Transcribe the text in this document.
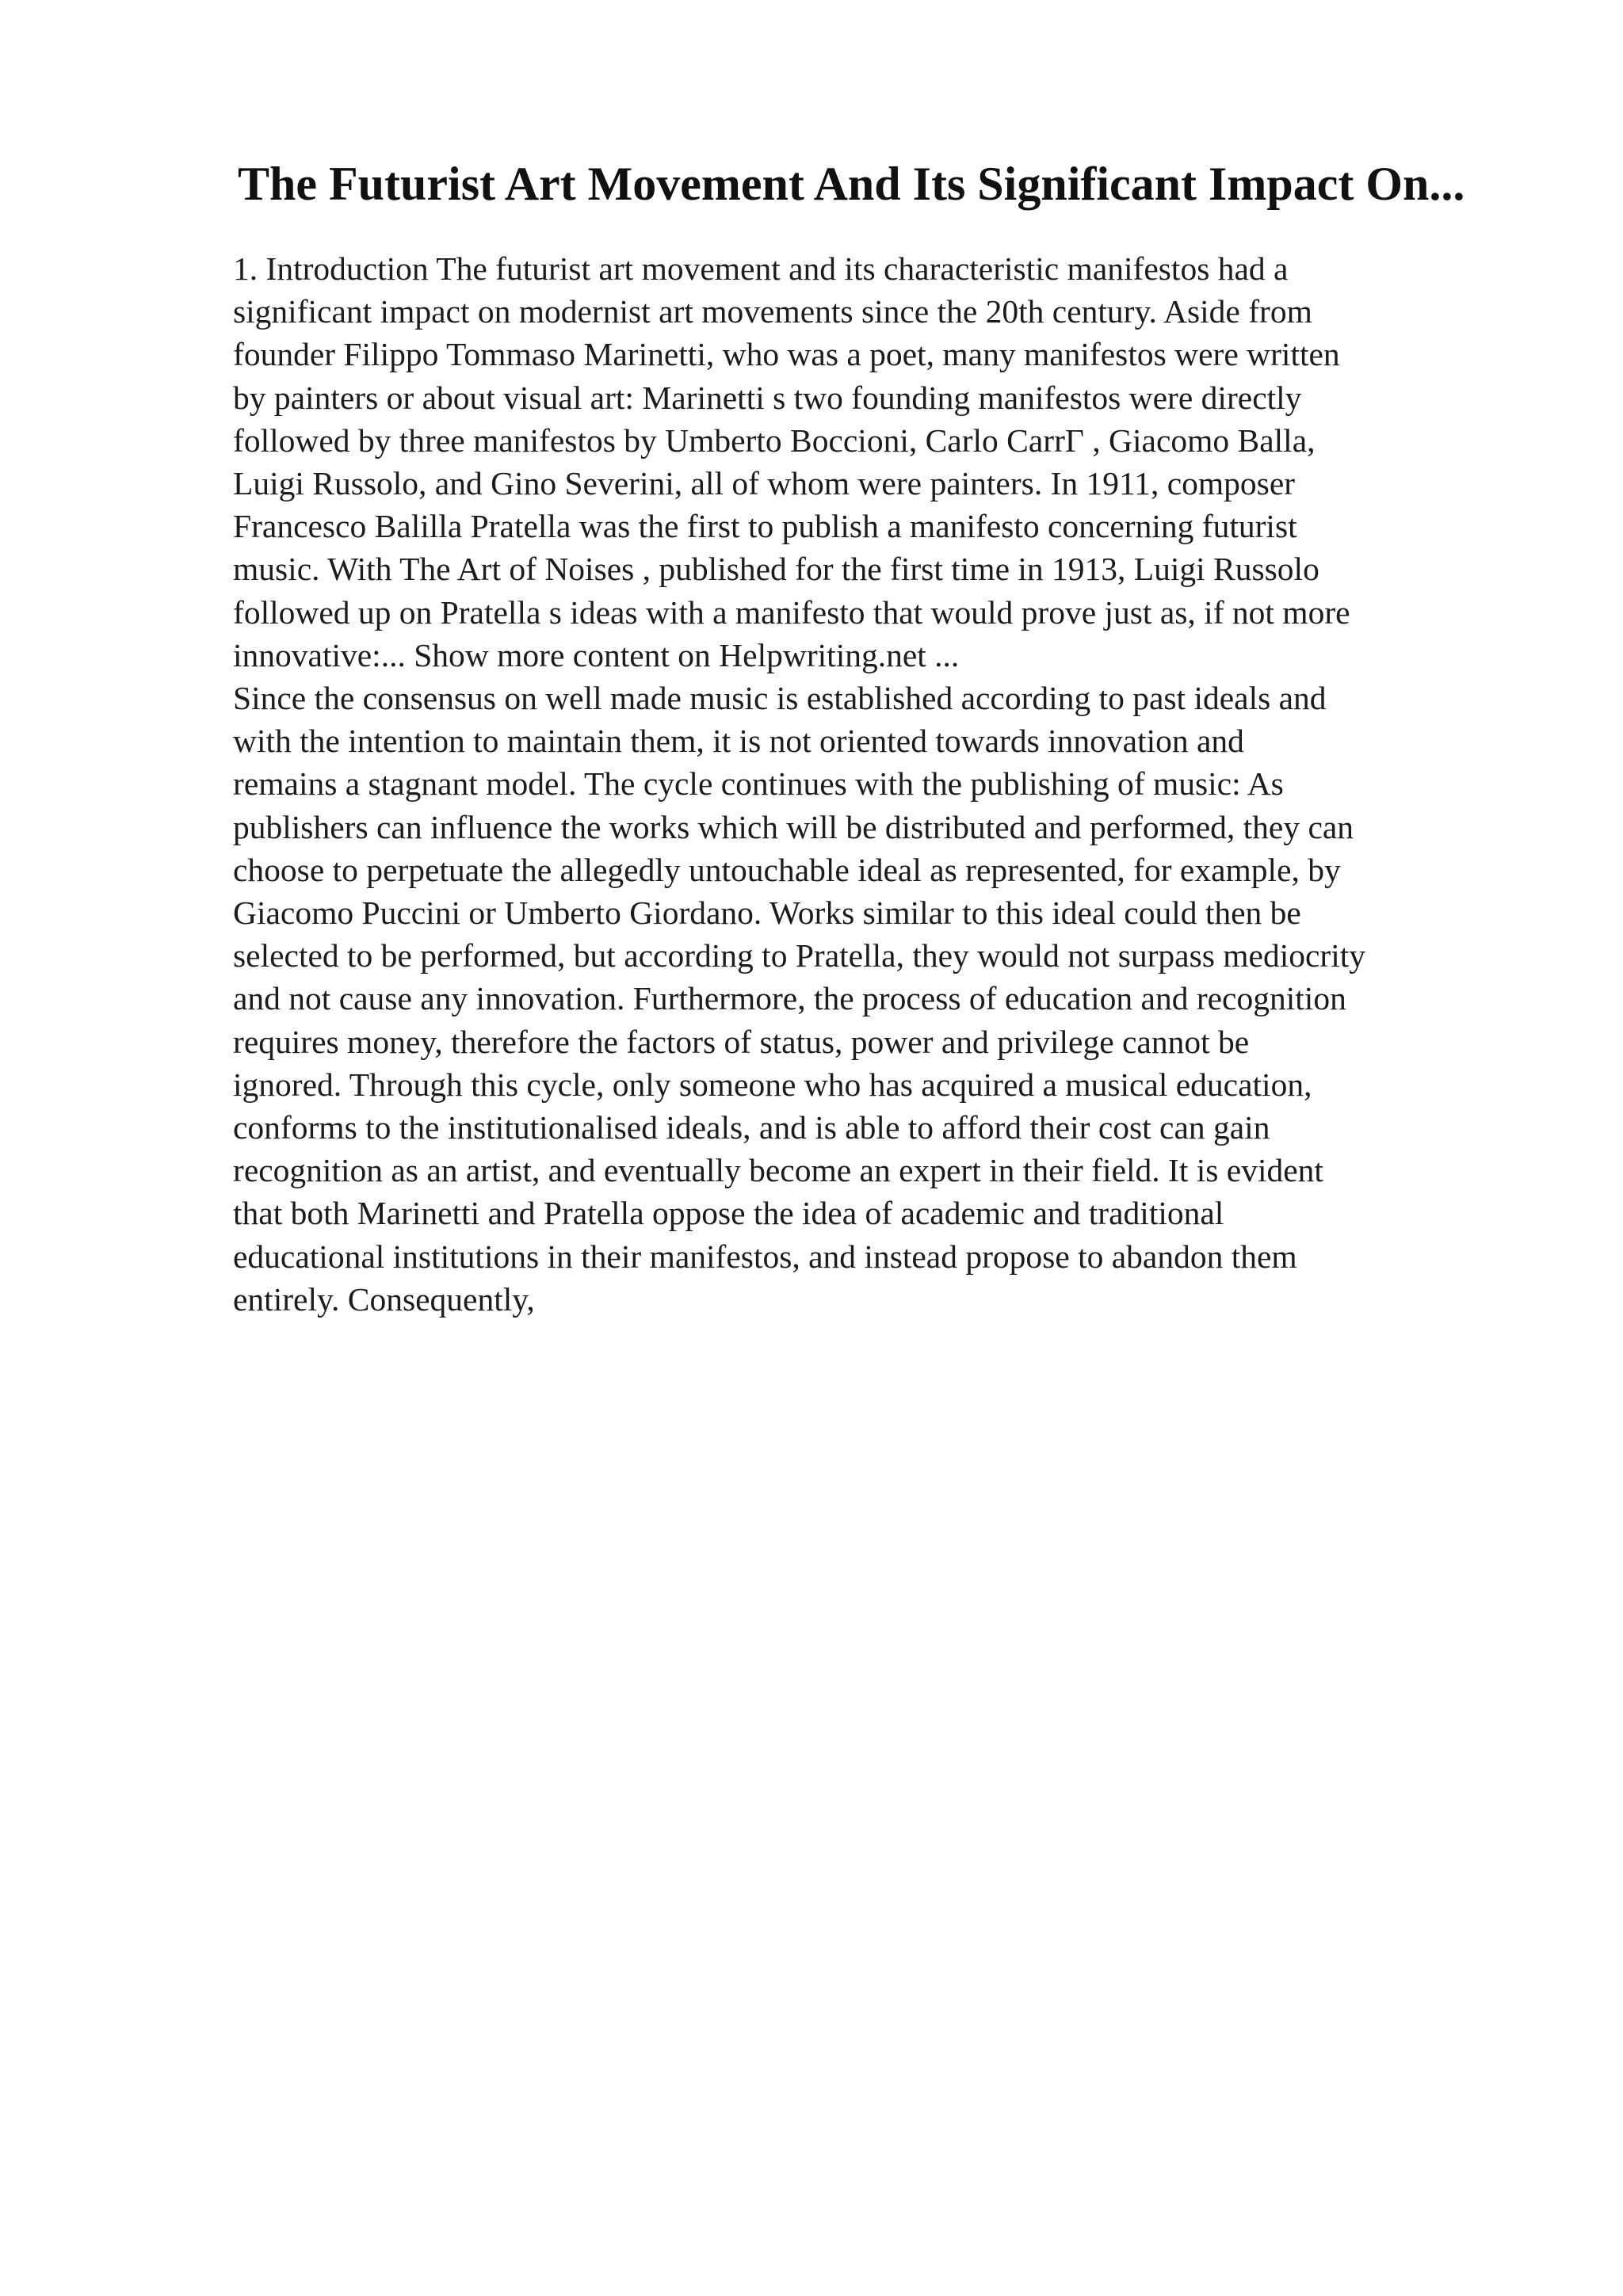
The Futurist Art Movement And Its Significant Impact On...
1. Introduction The futurist art movement and its characteristic manifestos had a
significant impact on modernist art movements since the 20th century. Aside from
founder Filippo Tommaso Marinetti, who was a poet, many manifestos were written
by painters or about visual art: Marinetti s two founding manifestos were directly
followed by three manifestos by Umberto Boccioni, Carlo CarrΓ , Giacomo Balla,
Luigi Russolo, and Gino Severini, all of whom were painters. In 1911, composer
Francesco Balilla Pratella was the first to publish a manifesto concerning futurist
music. With The Art of Noises , published for the first time in 1913, Luigi Russolo
followed up on Pratella s ideas with a manifesto that would prove just as, if not more
innovative:... Show more content on Helpwriting.net ...
Since the consensus on well made music is established according to past ideals and
with the intention to maintain them, it is not oriented towards innovation and
remains a stagnant model. The cycle continues with the publishing of music: As
publishers can influence the works which will be distributed and performed, they can
choose to perpetuate the allegedly untouchable ideal as represented, for example, by
Giacomo Puccini or Umberto Giordano. Works similar to this ideal could then be
selected to be performed, but according to Pratella, they would not surpass mediocrity
and not cause any innovation. Furthermore, the process of education and recognition
requires money, therefore the factors of status, power and privilege cannot be
ignored. Through this cycle, only someone who has acquired a musical education,
conforms to the institutionalised ideals, and is able to afford their cost can gain
recognition as an artist, and eventually become an expert in their field. It is evident
that both Marinetti and Pratella oppose the idea of academic and traditional
educational institutions in their manifestos, and instead propose to abandon them
entirely. Consequently,
